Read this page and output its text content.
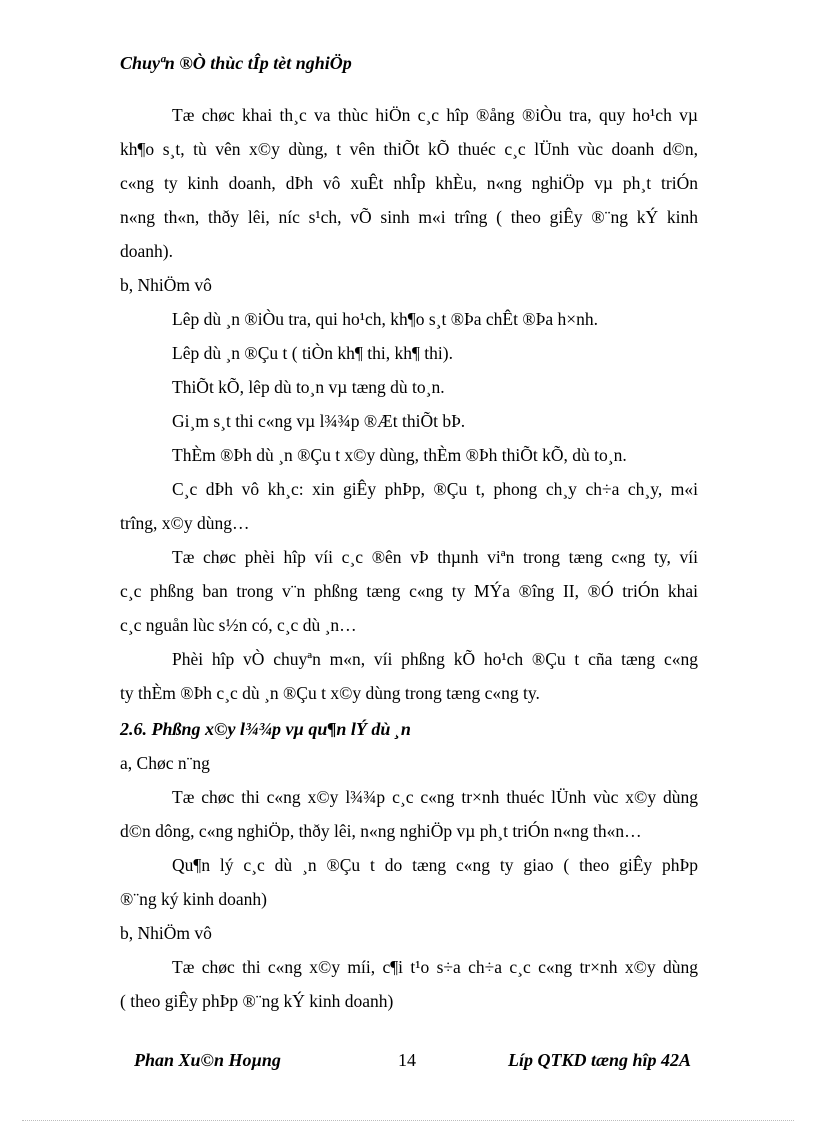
Chuyªn ®Ò thùc tÎp tèt nghiÖp
Tæ chøc khai th¸c va thùc hiÖn c¸c hîp ®ång ®iÒu tra, quy ho¹ch vµ
kh¶o s¸t, tù vên x©y dùng, t vên thiÕt kÕ thuéc c¸c lÜnh vùc doanh d©n,
c«ng ty kinh doanh, dÞh vô xuÊt nhÎp khÈu, n«ng nghiÖp vµ ph¸t triÓn
n«ng th«n, thðy lêi, níc s¹ch, vÕ sinh m«i trîng ( theo giÊy ®¨ng kÝ kinh
doanh).
b, NhiÖm vô
Lêp dù ¸n ®iÒu tra, qui ho¹ch, kh¶o s¸t ®Þa chÊt ®Þa h×nh.
Lêp dù ¸n ®Çu t ( tiÒn kh¶ thi, kh¶ thi).
ThiÕt kÕ, lêp dù to¸n vµ tæng dù to¸n.
Gi¸m s¸t thi c«ng vµ l¾¾p ®Æt thiÕt bÞ.
ThÈm ®Þh dù ¸n ®Çu t x©y dùng, thÈm ®Þh thiÕt kÕ, dù to¸n.
C¸c dÞh vô kh¸c: xin giÊy phÞp, ®Çu t, phong ch¸y ch÷a ch¸y, m«i
trîng, x©y dùng…
Tæ chøc phèi hîp víi c¸c ®ên vÞ thµnh viªn trong tæng c«ng ty, víi
c¸c phßng ban trong v¨n phßng tæng c«ng ty MÝa ®îng II, ®Ó triÓn khai
c¸c nguån lùc s½n có, c¸c dù ¸n…
Phèi hîp vÒ chuyªn m«n, víi phßng kÕ ho¹ch ®Çu t cña tæng c«ng
ty thÈm ®Þh c¸c dù ¸n ®Çu t x©y dùng trong tæng c«ng ty.
2.6. Phßng x©y l¾¾p vµ qu¶n lÝ dù ¸n
a, Chøc n¨ng
Tæ chøc thi c«ng x©y l¾¾p c¸c c«ng tr×nh thuéc lÜnh vùc x©y dùng
d©n dông, c«ng nghiÖp, thðy lêi, n«ng nghiÖp vµ ph¸t triÓn n«ng th«n…
Qu¶n lý c¸c dù ¸n ®Çu t do tæng c«ng ty giao ( theo giÊy phÞp
®¨ng ký kinh doanh)
b, NhiÖm vô
Tæ chøc thi c«ng x©y míi, c¶i t¹o s÷a ch÷a c¸c c«ng tr×nh x©y dùng
( theo giÊy phÞp ®¨ng kÝ kinh doanh)
Phan Xu©n Hoµng	14	Líp QTKD tæng hîp 42A
